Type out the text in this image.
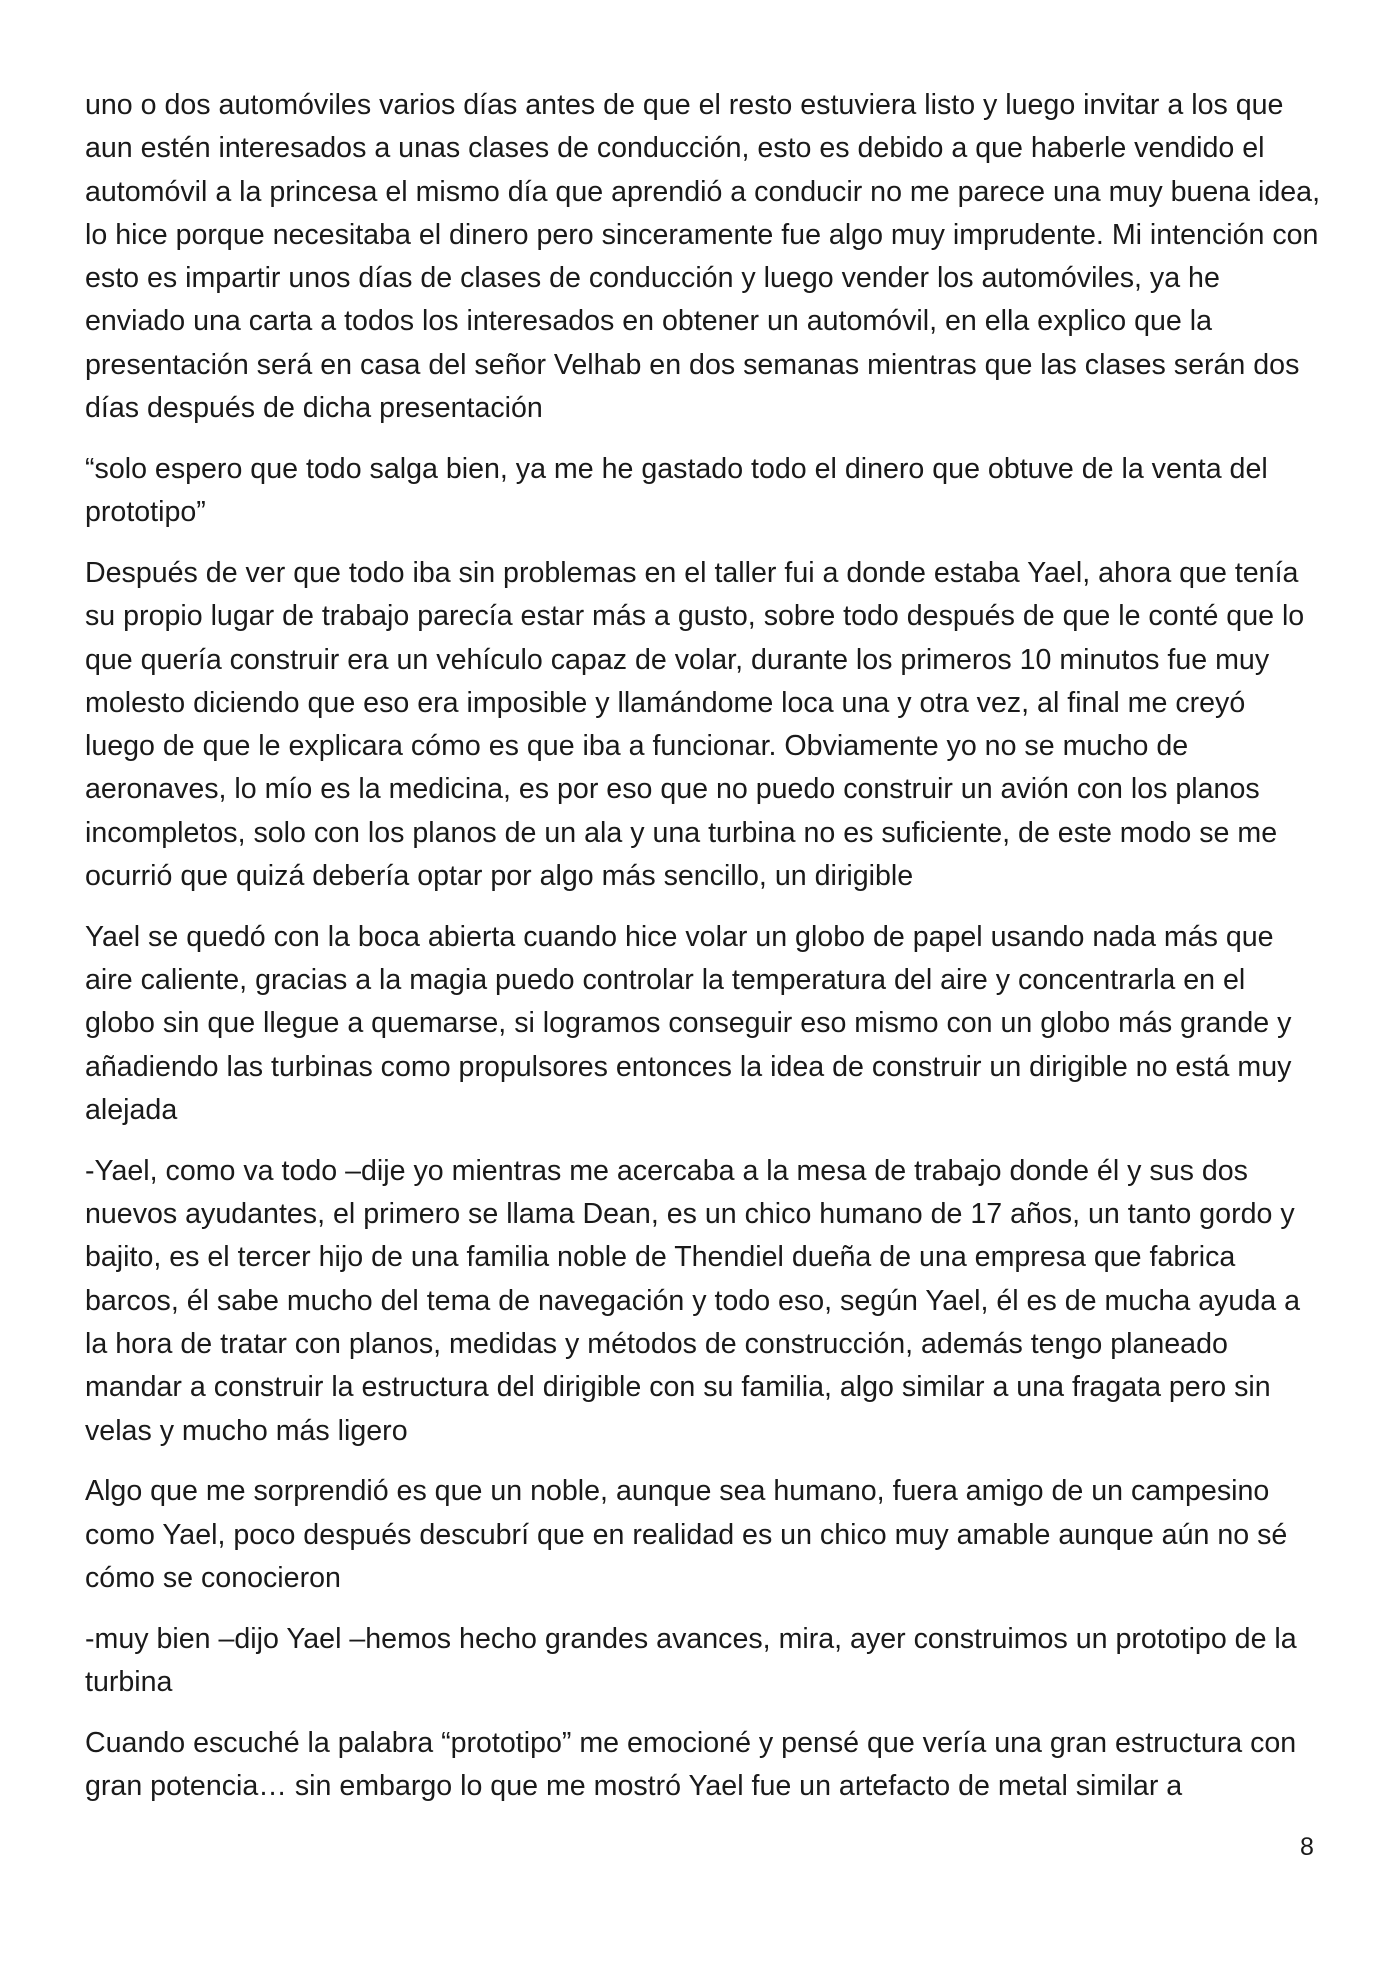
uno o dos automóviles varios días antes de que el resto estuviera listo y luego invitar a los que aun estén interesados a unas clases de conducción, esto es debido a que haberle vendido el automóvil a la princesa el mismo día que aprendió a conducir no me parece una muy buena idea, lo hice porque necesitaba el dinero pero sinceramente fue algo muy imprudente. Mi intención con esto es impartir unos días de clases de conducción y luego vender los automóviles, ya he enviado una carta a todos los interesados en obtener un automóvil, en ella explico que la presentación será en casa del señor Velhab en dos semanas mientras que las clases serán dos días después de dicha presentación

“solo espero que todo salga bien, ya me he gastado todo el dinero que obtuve de la venta del prototipo”

Después de ver que todo iba sin problemas en el taller fui a donde estaba Yael, ahora que tenía su propio lugar de trabajo parecía estar más a gusto, sobre todo después de que le conté que lo que quería construir era un vehículo capaz de volar, durante los primeros 10 minutos fue muy molesto diciendo que eso era imposible y llamándome loca una y otra vez, al final me creyó luego de que le explicara cómo es que iba a funcionar. Obviamente yo no se mucho de aeronaves, lo mío es la medicina, es por eso que no puedo construir un avión con los planos incompletos, solo con los planos de un ala y una turbina no es suficiente, de este modo se me ocurrió que quizá debería optar por algo más sencillo, un dirigible

Yael se quedó con la boca abierta cuando hice volar un globo de papel usando nada más que aire caliente, gracias a la magia puedo controlar la temperatura del aire y concentrarla en el globo sin que llegue a quemarse, si logramos conseguir eso mismo con un globo más grande y añadiendo las turbinas como propulsores entonces la idea de construir un dirigible no está muy alejada

-Yael, como va todo –dije yo mientras me acercaba a la mesa de trabajo donde él y sus dos nuevos ayudantes, el primero se llama Dean, es un chico humano de 17 años, un tanto gordo y bajito, es el tercer hijo de una familia noble de Thendiel dueña de una empresa que fabrica barcos, él sabe mucho del tema de navegación y todo eso, según Yael, él es de mucha ayuda a la hora de tratar con planos, medidas y métodos de construcción, además tengo planeado mandar a construir la estructura del dirigible con su familia, algo similar a una fragata pero sin velas y mucho más ligero

Algo que me sorprendió es que un noble, aunque sea humano, fuera amigo de un campesino como Yael, poco después descubrí que en realidad es un chico muy amable aunque aún no sé cómo se conocieron

-muy bien –dijo Yael –hemos hecho grandes avances, mira, ayer construimos un prototipo de la turbina

Cuando escuché la palabra “prototipo” me emocioné y pensé que vería una gran estructura con gran potencia… sin embargo lo que me mostró Yael fue un artefacto de metal similar a

8
